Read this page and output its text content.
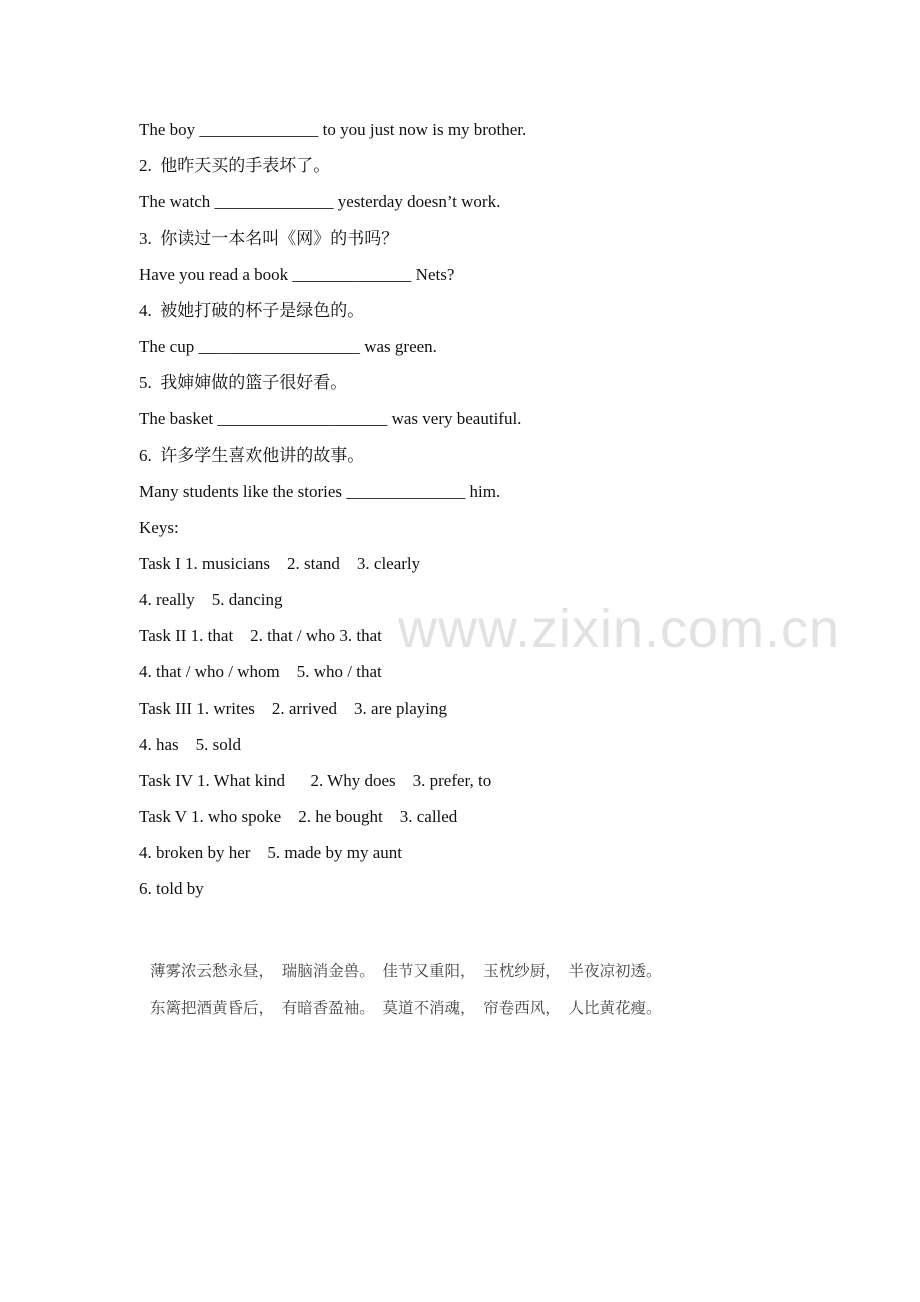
www.zixin.com.cn
The boy ______________ to you just now is my brother.
2.  他昨天买的手表坏了。
The watch ______________ yesterday doesn’t work.
3.  你读过一本名叫《网》的书吗？
Have you read a book ______________ Nets?
4.  被她打破的杯子是绿色的。
The cup ___________________ was green.
5.  我婶婶做的篮子很好看。
The basket ____________________ was very beautiful.
6.  许多学生喜欢他讲的故事。
Many students like the stories ______________ him.
Keys:
Task I 1. musicians    2. stand    3. clearly
4. really    5. dancing
Task II 1. that    2. that / who 3. that
4. that / who / whom    5. who / that
Task III 1. writes    2. arrived    3. are playing
4. has    5. sold
Task IV 1. What kind      2. Why does    3. prefer, to
Task V 1. who spoke    2. he bought    3. called
4. broken by her    5. made by my aunt
6. told by
薄雾浓云愁永昼，  瑞脑消金兽。  佳节又重阳，  玉枕纱厨，  半夜凉初透。
东篱把酒黄昏后，  有暗香盈袖。  莫道不消魂，  帘卷西风，  人比黄花瘦。
